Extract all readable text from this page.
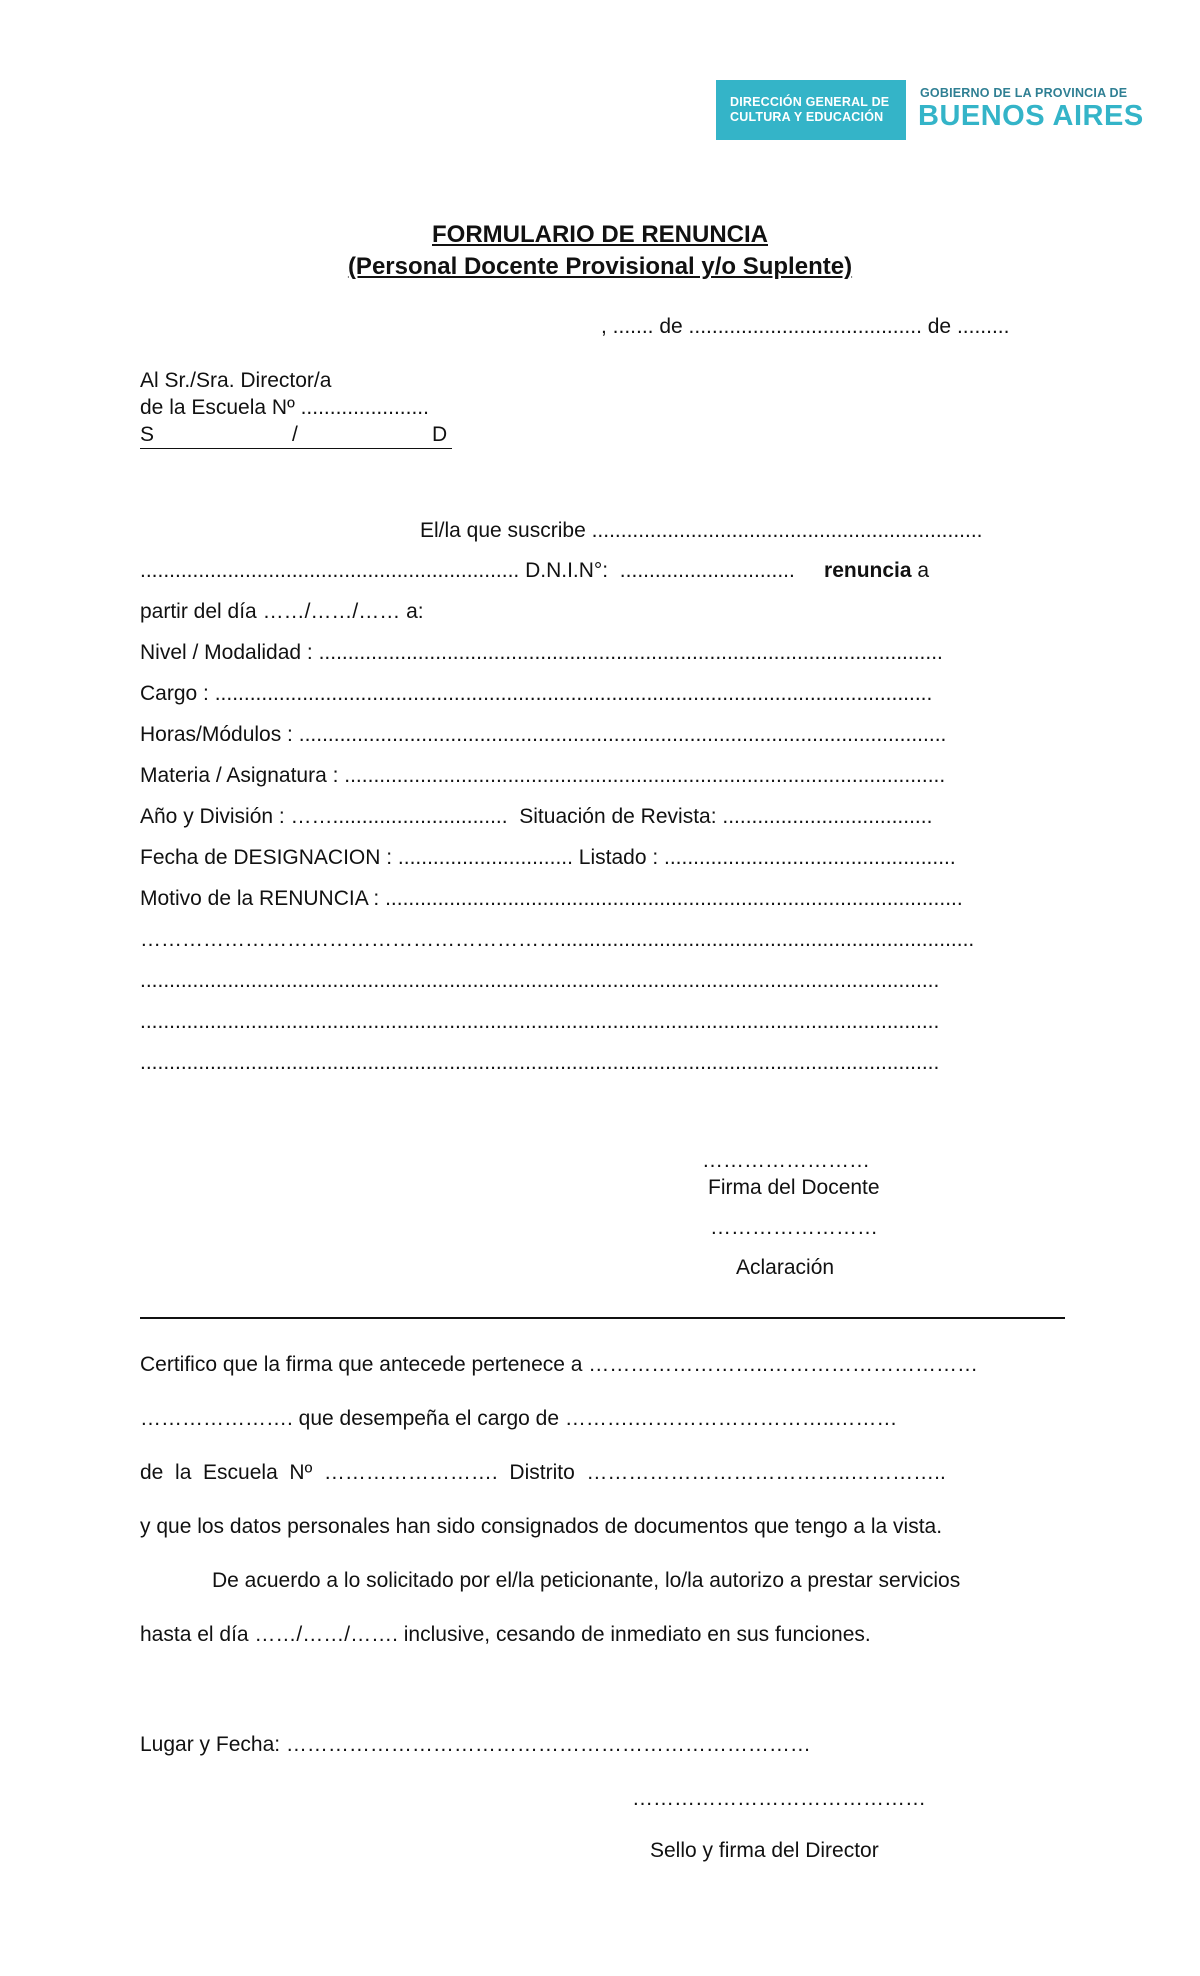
DIRECCIÓN GENERAL DE
CULTURA Y EDUCACIÓN
GOBIERNO DE LA PROVINCIA DE
BUENOS AIRES
FORMULARIO DE RENUNCIA
(Personal Docente Provisional y/o Suplente)
, ....... de ........................................ de .........
Al Sr./Sra. Director/a
de la Escuela Nº ......................

S

	/

	D

El/la que suscribe ...................................................................
................................................................. D.N.I.N°:  .............................. renuncia a
partir del día ……/……/…… a:
Nivel / Modalidad : ...........................................................................................................
Cargo : ...........................................................................................................................
Horas/Módulos : ...............................................................................................................
Materia / Asignatura : .......................................................................................................
Año y División : ……..............................  Situación de Revista: ....................................
Fecha de DESIGNACION : .............................. Listado : ..................................................
Motivo de la RENUNCIA : ...................................................................................................
…………………………………………………….......................................................................
.........................................................................................................................................
.........................................................................................................................................
.........................................................................................................................................
……………………
Firma del Docente
……………………
Aclaración
Certifico que la firma que antecede pertenece a ……………………..…………………………
…………………. que desempeña el cargo de ……….………………………..………
de  la  Escuela  Nº  …………………….  Distrito  ………………………………..…………..
y que los datos personales han sido consignados de documentos que tengo a la vista.
De acuerdo a lo solicitado por el/la peticionante, lo/la autorizo a prestar servicios
hasta el día ……/……/……. inclusive, cesando de inmediato en sus funciones.
Lugar y Fecha: …………………………………………………………………
……………………………………
Sello y firma del Director
